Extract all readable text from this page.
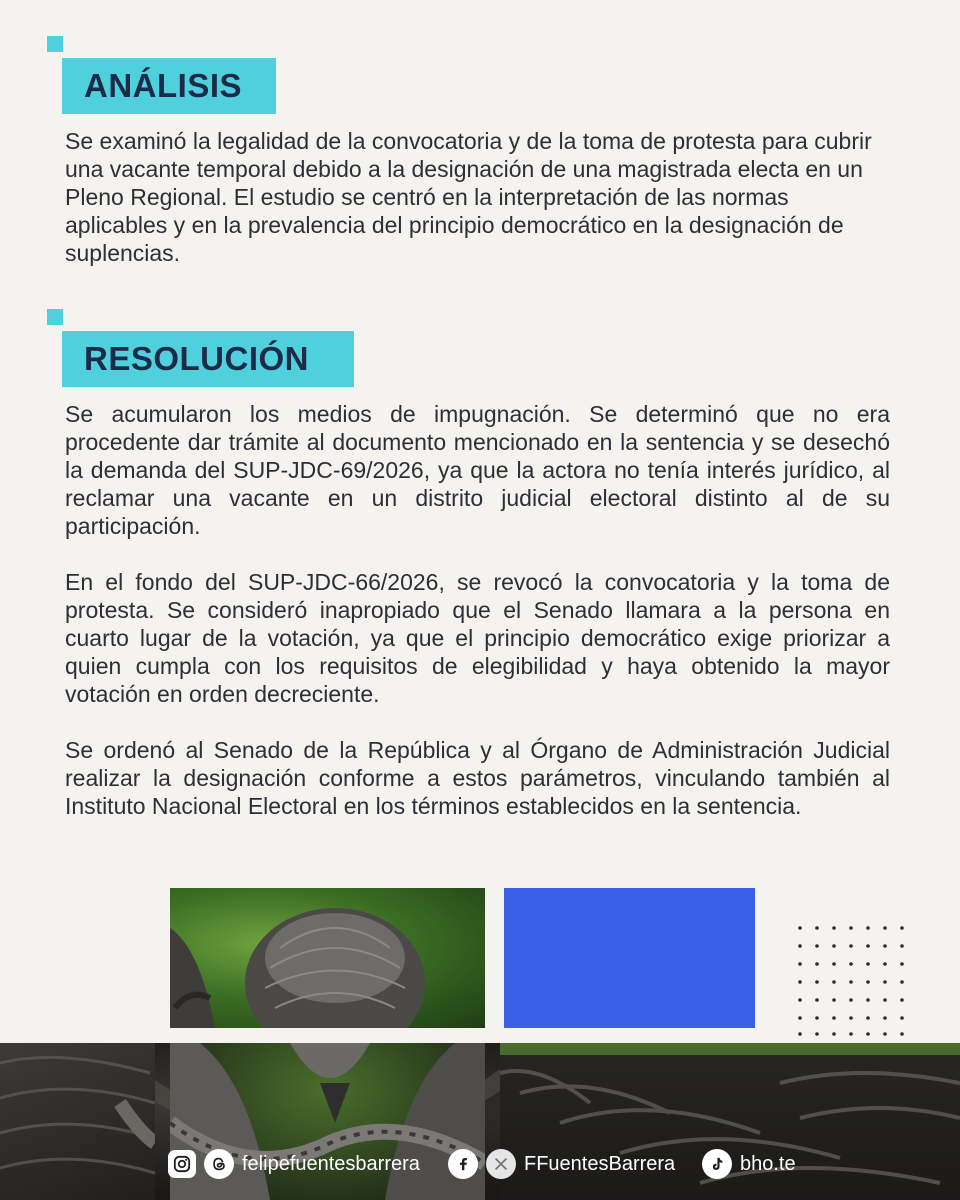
ANÁLISIS

Se examinó la legalidad de la convocatoria y de la toma de protesta para cubrir una vacante temporal debido a la designación de una magistrada electa en un Pleno Regional. El estudio se centró en la interpretación de las normas aplicables y en la prevalencia del principio democrático en la designación de suplencias.

RESOLUCIÓN

Se acumularon los medios de impugnación. Se determinó que no era procedente dar trámite al documento mencionado en la sentencia y se desechó la demanda del SUP-JDC-69/2026, ya que la actora no tenía interés jurídico, al reclamar una vacante en un distrito judicial electoral distinto al de su participación.

En el fondo del SUP-JDC-66/2026, se revocó la convocatoria y la toma de protesta. Se consideró inapropiado que el Senado llamara a la persona en cuarto lugar de la votación, ya que el principio democrático exige priorizar a quien cumpla con los requisitos de elegibilidad y haya obtenido la mayor votación en orden decreciente.

Se ordenó al Senado de la República y al Órgano de Administración Judicial realizar la designación conforme a estos parámetros, vinculando también al Instituto Nacional Electoral en los términos establecidos en la sentencia.

felipefuentesbarrera	FFuentesBarrera	bho.te
